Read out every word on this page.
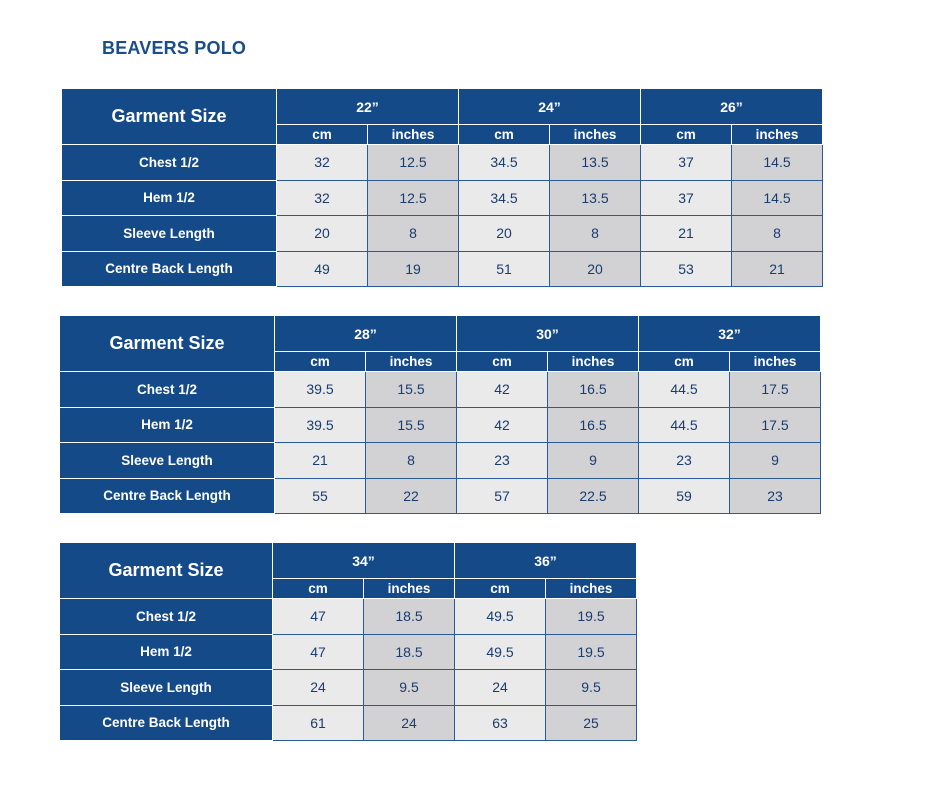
BEAVERS POLO
Garment Size	22”		24”		26”	
	cm	inches	cm	inches	cm	inches
Chest 1/2	32	12.5	34.5	13.5	37	14.5
Hem 1/2	32	12.5	34.5	13.5	37	14.5
Sleeve Length	20	8	20	8	21	8
Centre Back Length	49	19	51	20	53	21
Garment Size	28”		30”		32”	
	cm	inches	cm	inches	cm	inches
Chest 1/2	39.5	15.5	42	16.5	44.5	17.5
Hem 1/2	39.5	15.5	42	16.5	44.5	17.5
Sleeve Length	21	8	23	9	23	9
Centre Back Length	55	22	57	22.5	59	23
Garment Size	34”		36”	
	cm	inches	cm	inches
Chest 1/2	47	18.5	49.5	19.5
Hem 1/2	47	18.5	49.5	19.5
Sleeve Length	24	9.5	24	9.5
Centre Back Length	61	24	63	25
